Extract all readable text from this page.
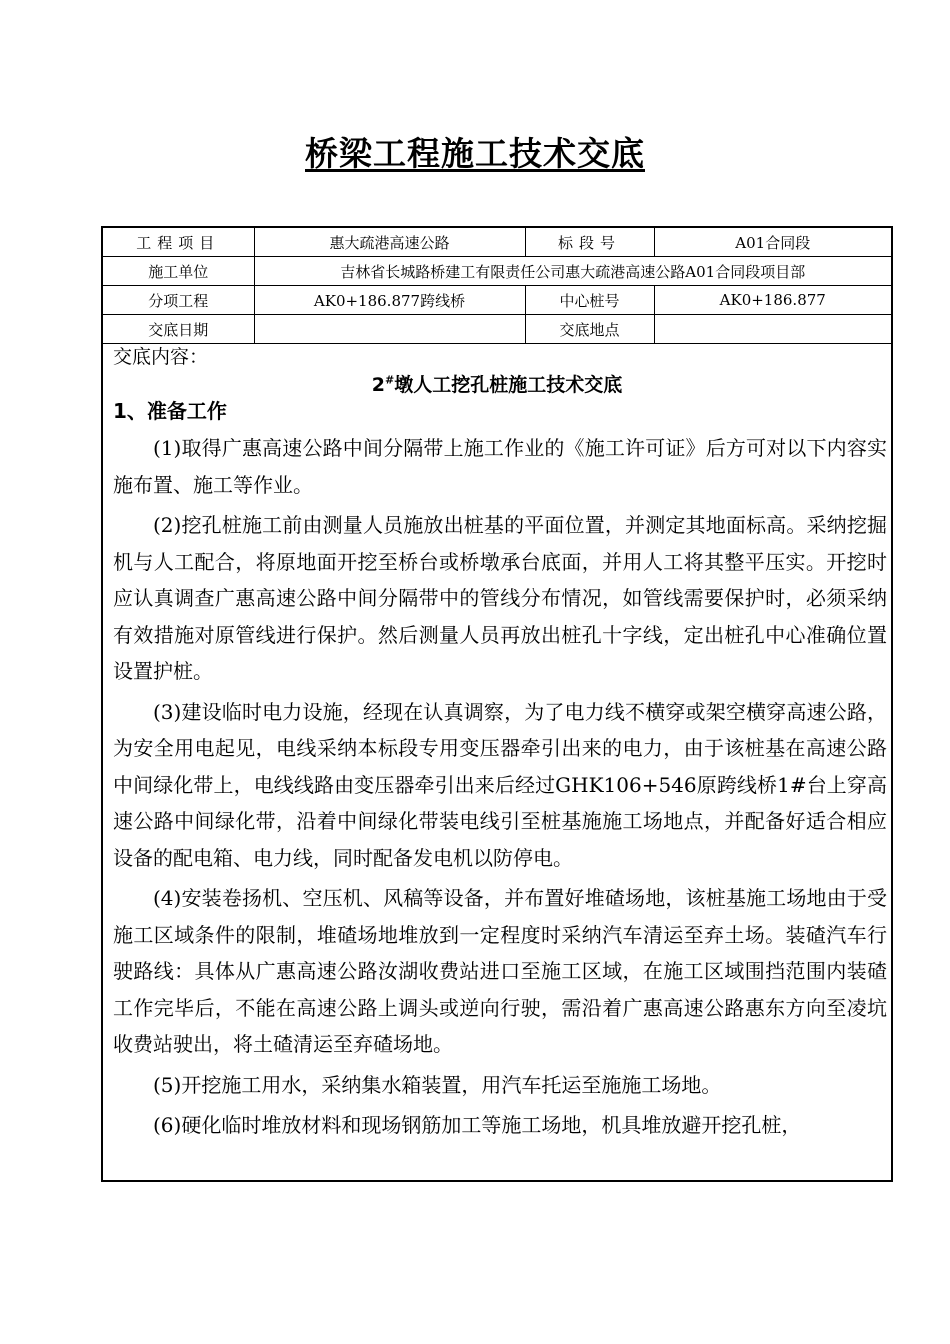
桥梁工程施工技术交底
工程项目	惠大疏港高速公路	标段号	A01合同段
施工单位	吉林省长城路桥建工有限责任公司惠大疏港高速公路A01合同段项目部		
分项工程	AK0+186.877跨线桥	中心桩号	AK0+186.877
交底日期		交底地点	
交底内容：
2#墩人工挖孔桩施工技术交底
1、准备工作

(1)取得广惠高速公路中间分隔带上施工作业的《施工许可证》后方可对以下内容实施布置、施工等作业。

(2)挖孔桩施工前由测量人员施放出桩基的平面位置，并测定其地面标高。采纳挖掘机与人工配合，将原地面开挖至桥台或桥墩承台底面，并用人工将其整平压实。开挖时应认真调查广惠高速公路中间分隔带中的管线分布情况，如管线需要保护时，必须采纳有效措施对原管线进行保护。然后测量人员再放出桩孔十字线，定出桩孔中心准确位置设置护桩。

(3)建设临时电力设施，经现在认真调察，为了电力线不横穿或架空横穿高速公路，为安全用电起见，电线采纳本标段专用变压器牵引出来的电力，由于该桩基在高速公路中间绿化带上，电线线路由变压器牵引出来后经过GHK106+546原跨线桥1#台上穿高速公路中间绿化带，沿着中间绿化带装电线引至桩基施施工场地点，并配备好适合相应设备的配电箱、电力线，同时配备发电机以防停电。

(4)安装卷扬机、空压机、风稿等设备，并布置好堆碴场地，该桩基施工场地由于受施工区域条件的限制，堆碴场地堆放到一定程度时采纳汽车清运至弃土场。装碴汽车行驶路线：具体从广惠高速公路汝湖收费站进口至施工区域，在施工区域围挡范围内装碴工作完毕后，不能在高速公路上调头或逆向行驶，需沿着广惠高速公路惠东方向至凌坑收费站驶出，将土碴清运至弃碴场地。

(5)开挖施工用水，采纳集水箱装置，用汽车托运至施施工场地。

(6)硬化临时堆放材料和现场钢筋加工等施工场地，机具堆放避开挖孔桩，
